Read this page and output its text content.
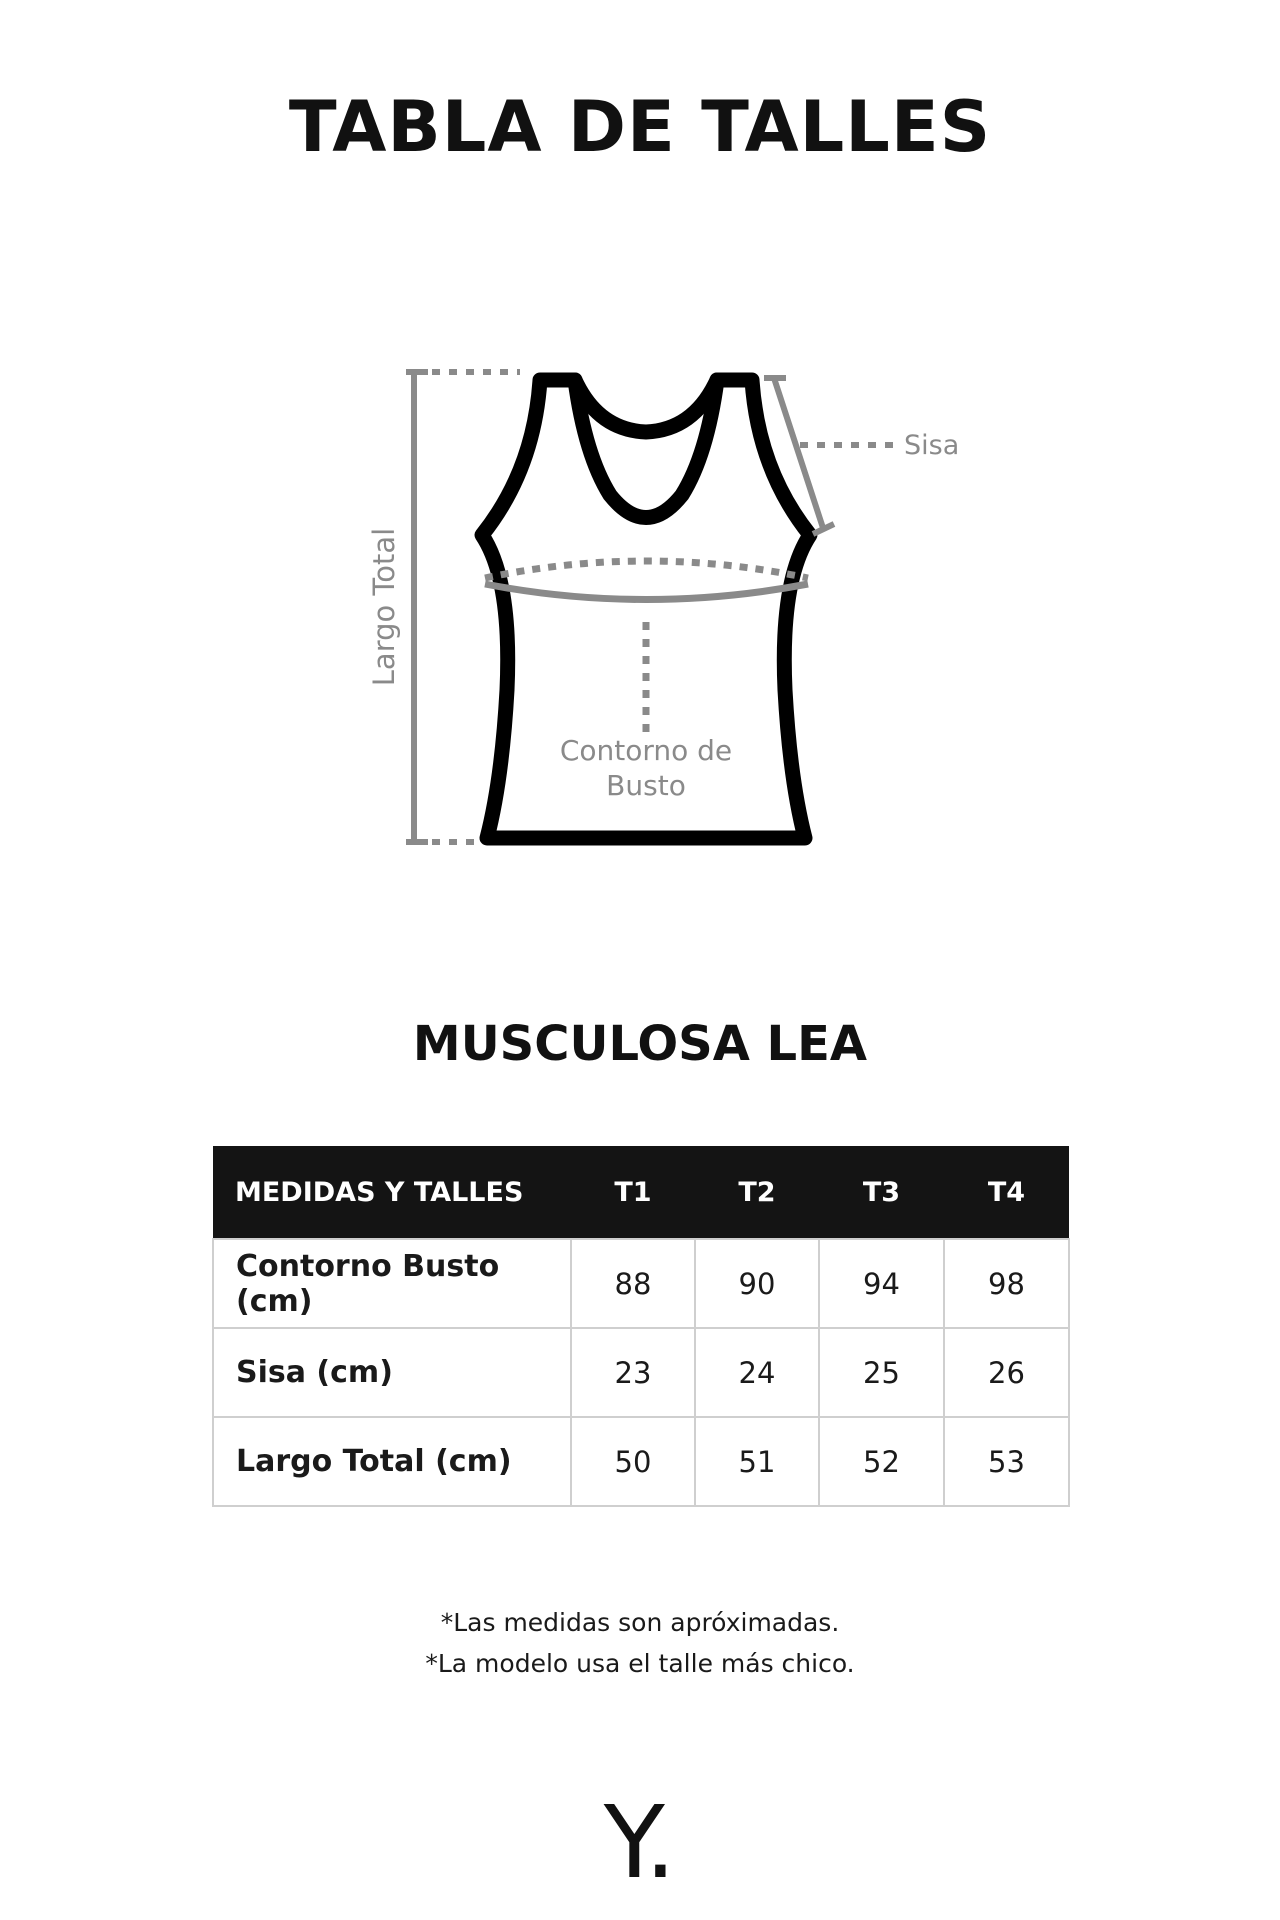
TABLA DE TALLES
Sisa
Largo Total
Contorno de
Busto
MUSCULOSA LEA
MEDIDAS Y TALLES	T1	T2	T3	T4
Contorno Busto (cm)	88	90	94	98
Sisa (cm)	23	24	25	26
Largo Total (cm)	50	51	52	53

*Las medidas son apróximadas.

*La modelo usa el talle más chico.

Y.
